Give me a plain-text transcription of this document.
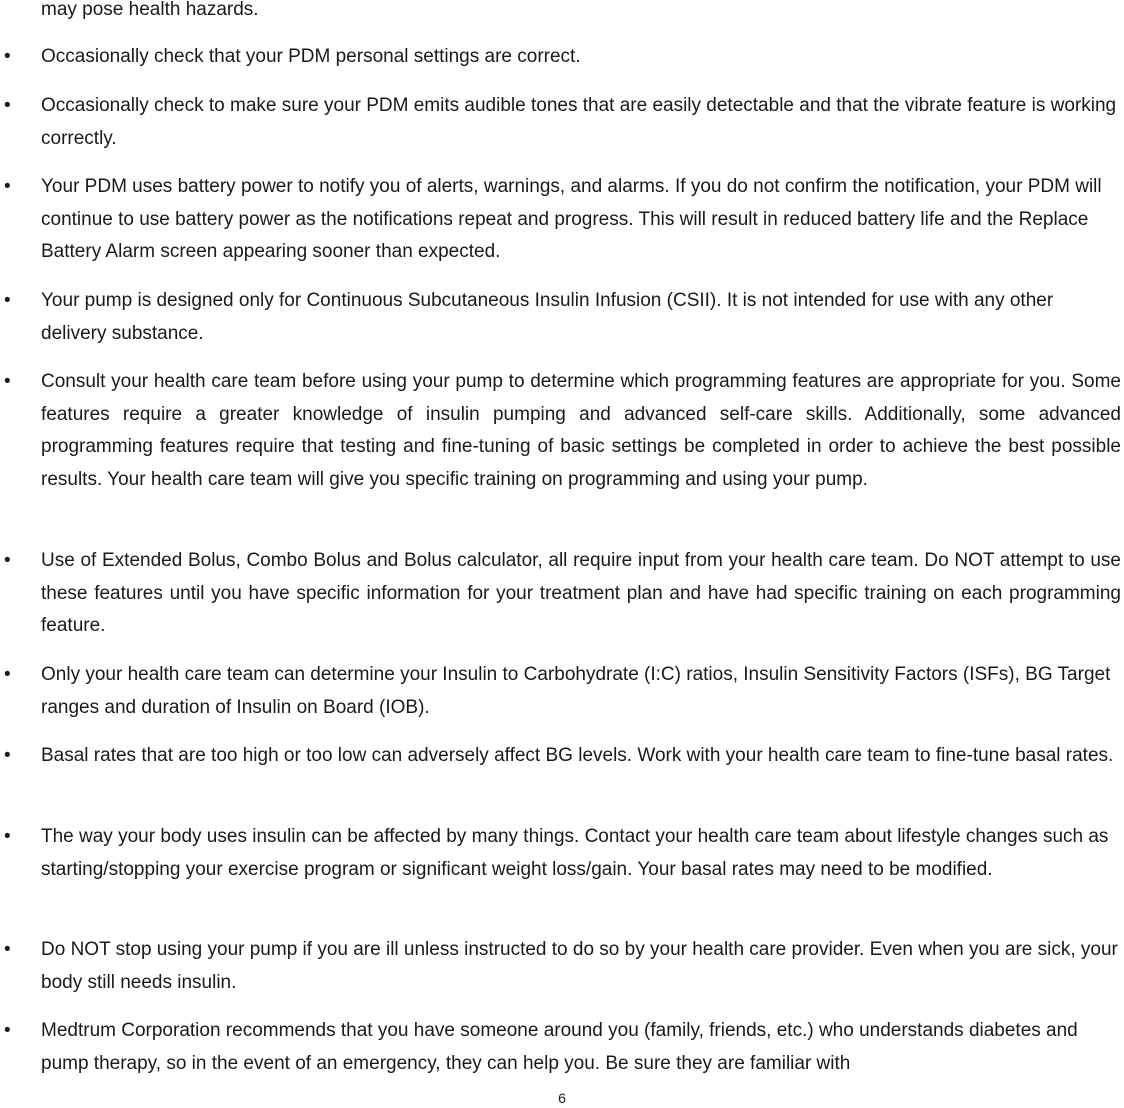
may pose health hazards.

•	Occasionally check that your PDM personal settings are correct.

•	Occasionally check to make sure your PDM emits audible tones that are easily detectable and that the vibrate feature is working correctly.

•	Your PDM uses battery power to notify you of alerts, warnings, and alarms. If you do not confirm the notification, your PDM will continue to use battery power as the notifications repeat and progress. This will result in reduced battery life and the Replace Battery Alarm screen appearing sooner than expected.

•	Your pump is designed only for Continuous Subcutaneous Insulin Infusion (CSII). It is not intended for use with any other delivery substance.

•	Consult your health care team before using your pump to determine which programming features are appropriate for you. Some features require a greater knowledge of insulin pumping and advanced self-care skills. Additionally, some advanced programming features require that testing and fine-tuning of basic settings be completed in order to achieve the best possible results. Your health care team will give you specific training on programming and using your pump.

•	Use of Extended Bolus, Combo Bolus and Bolus calculator, all require input from your health care team. Do NOT attempt to use these features until you have specific information for your treatment plan and have had specific training on each programming feature.

•	Only your health care team can determine your Insulin to Carbohydrate (I:C) ratios, Insulin Sensitivity Factors (ISFs), BG Target ranges and duration of Insulin on Board (IOB).

•	Basal rates that are too high or too low can adversely affect BG levels. Work with your health care team to fine-tune basal rates.

•	The way your body uses insulin can be affected by many things. Contact your health care team about lifestyle changes such as starting/stopping your exercise program or significant weight loss/gain. Your basal rates may need to be modified.

•	Do NOT stop using your pump if you are ill unless instructed to do so by your health care provider. Even when you are sick, your body still needs insulin.

•	Medtrum Corporation recommends that you have someone around you (family, friends, etc.) who understands diabetes and pump therapy, so in the event of an emergency, they can help you. Be sure they are familiar with

6
